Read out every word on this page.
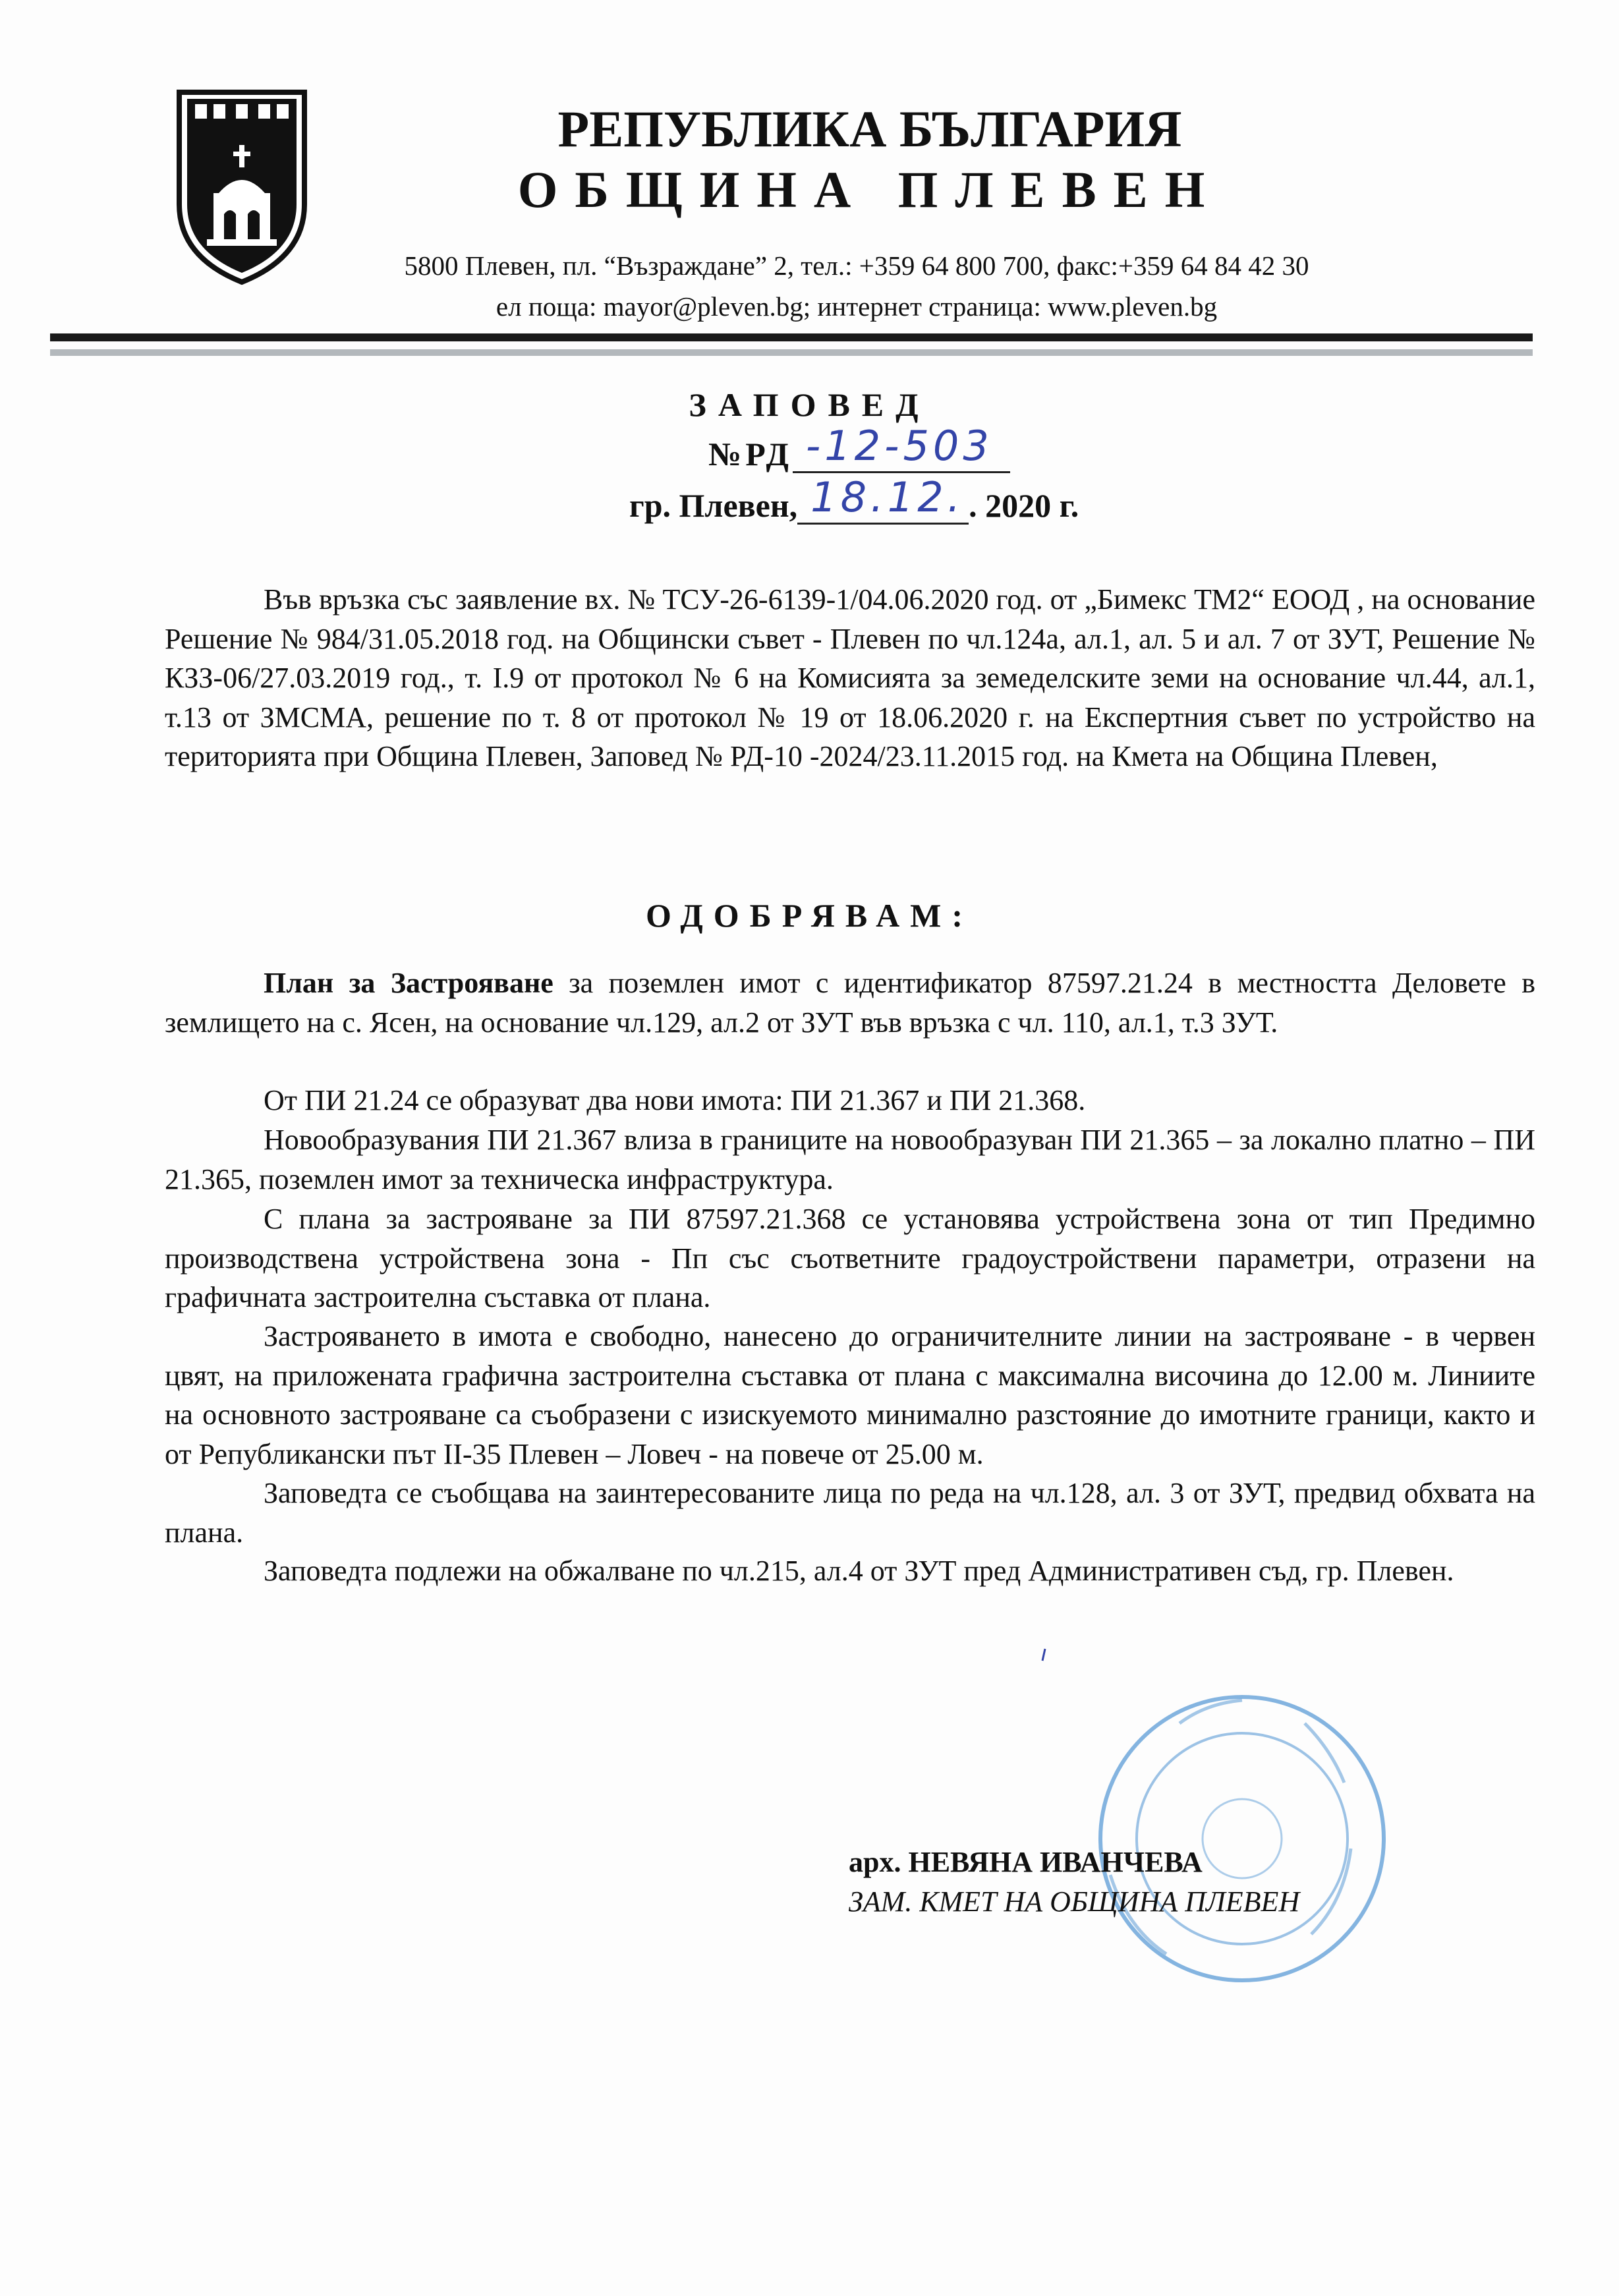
РЕПУБЛИКА БЪЛГАРИЯ
ОБЩИНА ПЛЕВЕН
5800 Плевен, пл. “Възраждане” 2, тел.: +359 64 800 700, факс:+359 64 84 42 30
ел поща: mayor@pleven.bg; интернет страница: www.pleven.bg
ЗАПОВЕД
№РД -12-503
гр. Плевен, 18.12. . 2020 г.

Във връзка със заявление вх. № ТСУ-26-6139-1/04.06.2020 год. от „Бимекс ТМ2“ ЕООД , на основание Решение № 984/31.05.2018 год. на Общински съвет - Плевен по чл.124а, ал.1, ал. 5 и ал. 7 от ЗУТ, Решение № КЗЗ-06/27.03.2019 год., т. I.9 от протокол № 6 на Комисията за земеделските земи на основание чл.44, ал.1, т.13 от ЗМСМА, решение по т. 8 от протокол № 19 от 18.06.2020 г. на Експертния съвет по устройство на територията при Община Плевен, Заповед № РД-10 -2024/23.11.2015 год. на Кмета на Община Плевен,

ОДОБРЯВАМ:

План за Застрояване за поземлен имот с идентификатор 87597.21.24 в местността Деловете в землището на с. Ясен, на основание чл.129, ал.2 от ЗУТ във връзка с чл. 110, ал.1, т.3 ЗУТ.

От ПИ 21.24 се образуват два нови имота: ПИ 21.367 и ПИ 21.368.

Новообразувания ПИ 21.367 влиза в границите на новообразуван ПИ 21.365 – за локално платно – ПИ 21.365, поземлен имот за техническа инфраструктура.

С плана за застрояване за ПИ 87597.21.368 се установява устройствена зона от тип Предимно производствена устройствена зона - Пп със съответните градоустройствени параметри, отразени на графичната застроителна съставка от плана.

Застрояването в имота е свободно, нанесено до ограничителните линии на застрояване - в червен цвят, на приложената графична застроителна съставка от плана с максимална височина до 12.00 м. Линиите на основното застрояване са съобразени с изискуемото минимално разстояние до имотните граници, както и от Републикански път II-35 Плевен – Ловеч - на повече от 25.00 м.

Заповедта се съобщава на заинтересованите лица по реда на чл.128, ал. 3 от ЗУТ, предвид обхвата на плана.

Заповедта подлежи на обжалване по чл.215, ал.4 от ЗУТ пред Административен съд, гр. Плевен.

арх. НЕВЯНА ИВАНЧЕВА
ЗАМ. КМЕТ НА ОБЩИНА ПЛЕВЕН
